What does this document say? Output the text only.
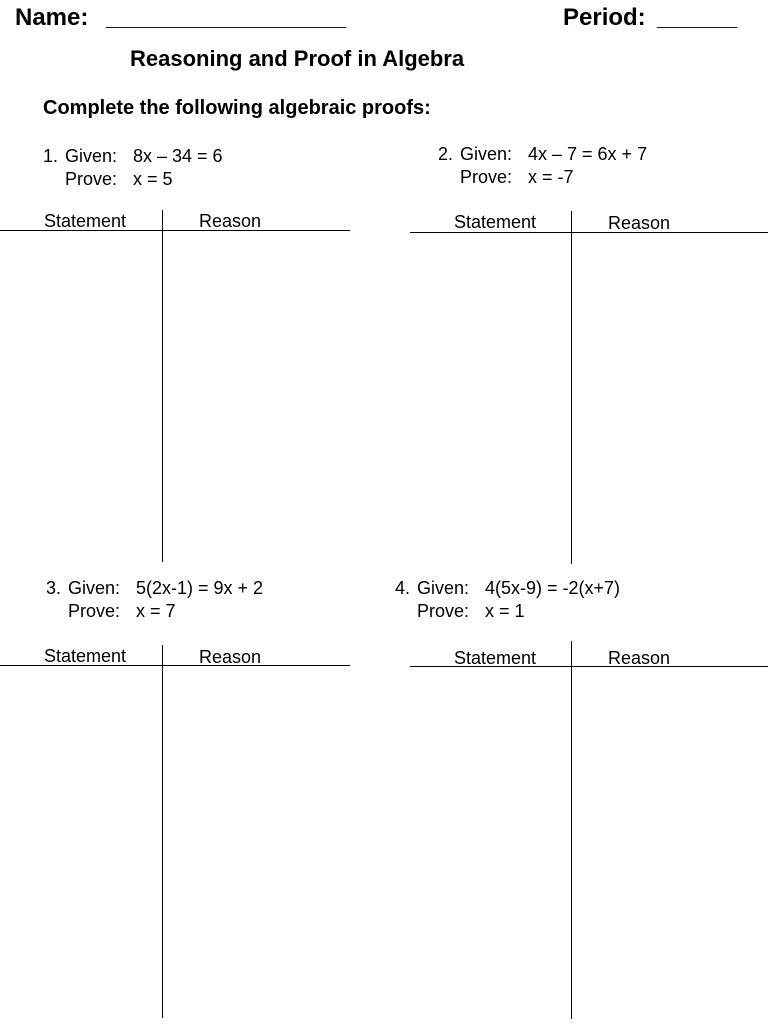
Name: __________________	Period: ______
Reasoning and Proof in Algebra
Complete the following algebraic proofs:
1. Given: 8x – 34 = 6
Prove: x = 5
2. Given: 4x – 7 = 6x + 7
Prove: x = -7
3. Given: 5(2x-1) = 9x + 2
Prove: x = 7
4. Given: 4(5x-9) = -2(x+7)
Prove: x = 1
Statement	Reason	Statement	Reason
Statement	Reason	Statement	Reason
